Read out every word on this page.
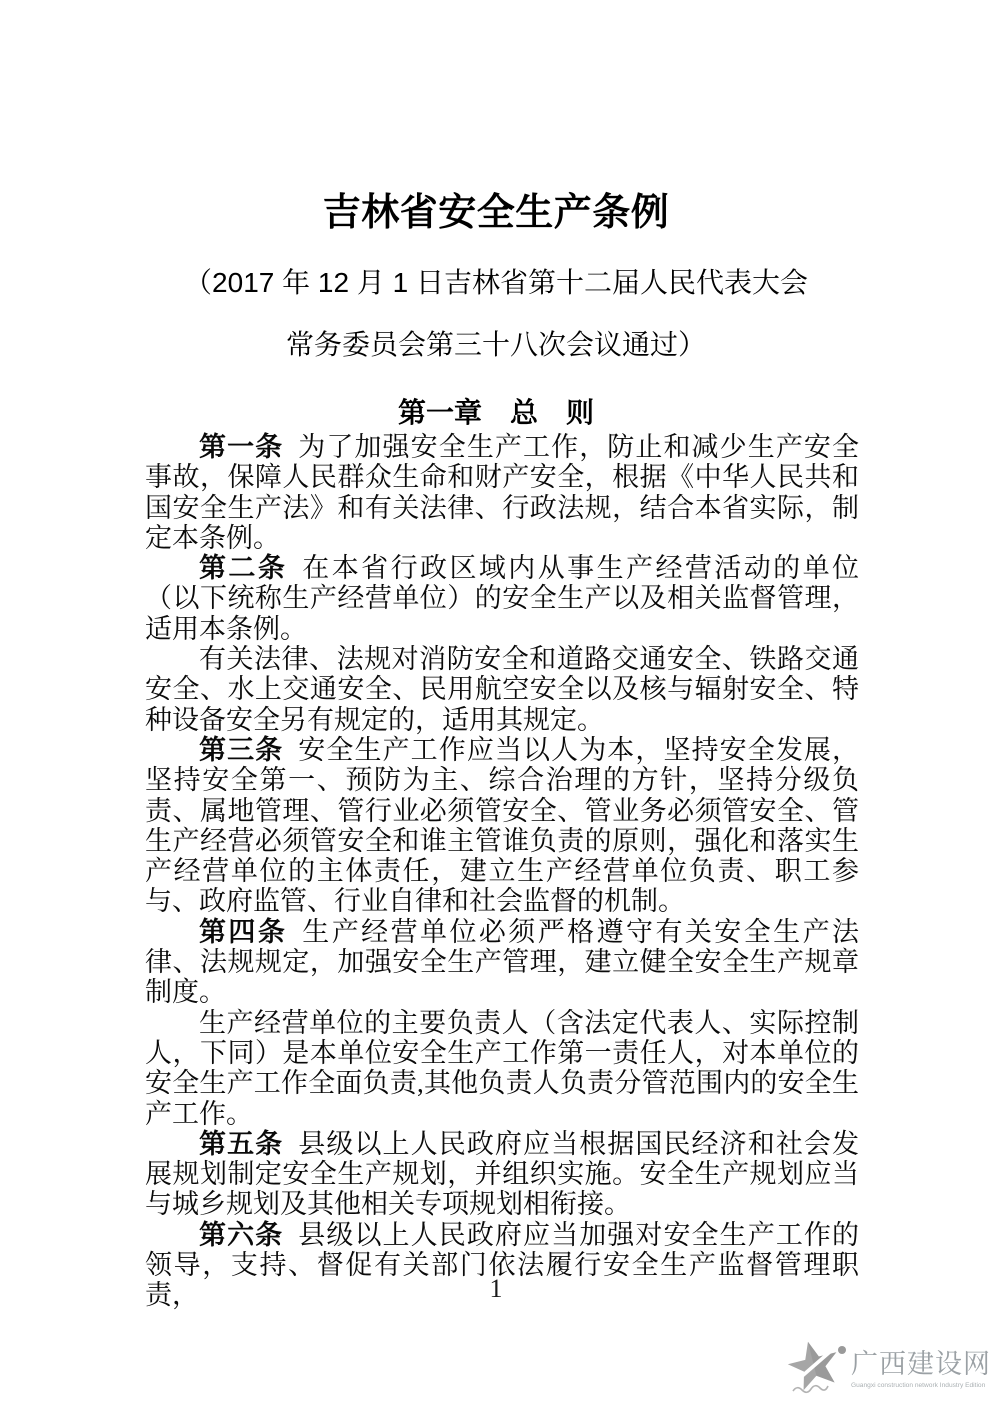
吉林省安全生产条例
（2017 年 12 月 1 日吉林省第十二届人民代表大会
常务委员会第三十八次会议通过）
第一章　总　则

第一条 为了加强安全生产工作，防止和减少生产安全事故，保障人民群众生命和财产安全，根据《中华人民共和国安全生产法》和有关法律、行政法规，结合本省实际，制定本条例。

第二条 在本省行政区域内从事生产经营活动的单位（以下统称生产经营单位）的安全生产以及相关监督管理，适用本条例。

有关法律、法规对消防安全和道路交通安全、铁路交通安全、水上交通安全、民用航空安全以及核与辐射安全、特种设备安全另有规定的，适用其规定。

第三条 安全生产工作应当以人为本，坚持安全发展，坚持安全第一、预防为主、综合治理的方针，坚持分级负责、属地管理、管行业必须管安全、管业务必须管安全、管生产经营必须管安全和谁主管谁负责的原则，强化和落实生产经营单位的主体责任，建立生产经营单位负责、职工参与、政府监管、行业自律和社会监督的机制。

第四条 生产经营单位必须严格遵守有关安全生产法律、法规规定，加强安全生产管理，建立健全安全生产规章制度。

生产经营单位的主要负责人（含法定代表人、实际控制人，下同）是本单位安全生产工作第一责任人，对本单位的安全生产工作全面负责,其他负责人负责分管范围内的安全生产工作。

第五条 县级以上人民政府应当根据国民经济和社会发展规划制定安全生产规划，并组织实施。安全生产规划应当与城乡规划及其他相关专项规划相衔接。

第六条 县级以上人民政府应当加强对安全生产工作的领导，支持、督促有关部门依法履行安全生产监督管理职责，	1
广西建设网
Guangxi construction network Industry Edition
